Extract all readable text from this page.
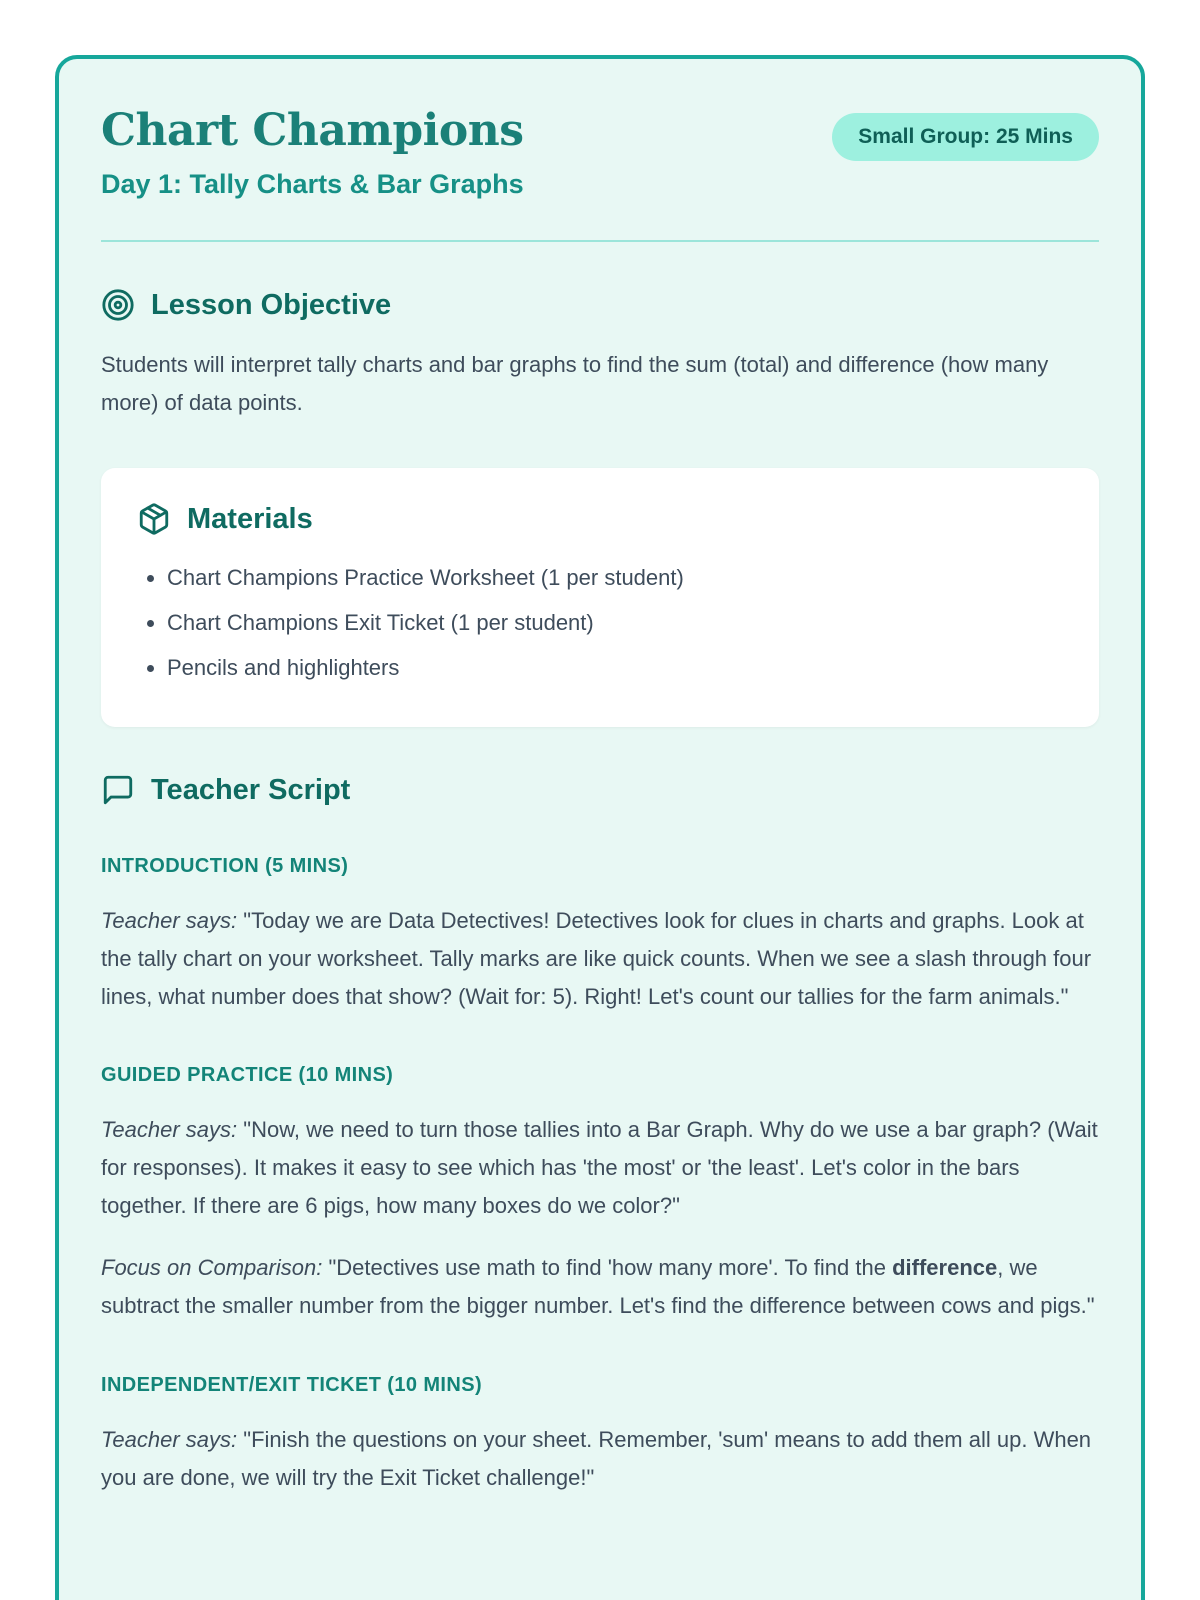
Chart Champions
Day 1: Tally Charts & Bar Graphs
Small Group: 25 Mins
Lesson Objective

Students will interpret tally charts and bar graphs to find the sum (total) and difference (how many more) of data points.

Materials
• Chart Champions Practice Worksheet (1 per student)
• Chart Champions Exit Ticket (1 per student)
• Pencils and highlighters
Teacher Script
INTRODUCTION (5 MINS)

Teacher says: "Today we are Data Detectives! Detectives look for clues in charts and graphs. Look at the tally chart on your worksheet. Tally marks are like quick counts. When we see a slash through four lines, what number does that show? (Wait for: 5). Right! Let's count our tallies for the farm animals."

GUIDED PRACTICE (10 MINS)

Teacher says: "Now, we need to turn those tallies into a Bar Graph. Why do we use a bar graph? (Wait for responses). It makes it easy to see which has 'the most' or 'the least'. Let's color in the bars together. If there are 6 pigs, how many boxes do we color?"

Focus on Comparison: "Detectives use math to find 'how many more'. To find the difference, we subtract the smaller number from the bigger number. Let's find the difference between cows and pigs."

INDEPENDENT/EXIT TICKET (10 MINS)

Teacher says: "Finish the questions on your sheet. Remember, 'sum' means to add them all up. When you are done, we will try the Exit Ticket challenge!"
